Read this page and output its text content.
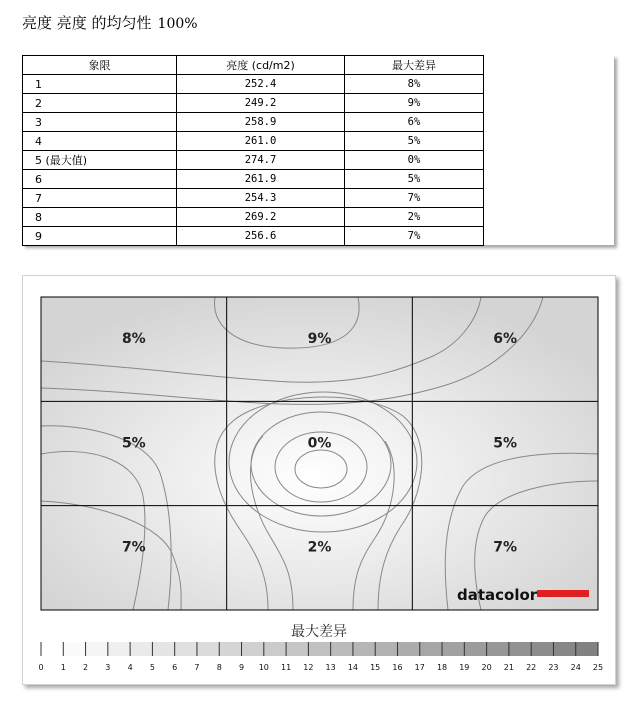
亮度 亮度 的均匀性 100%
象限	亮度 (cd/m2)	最大差异
1	252.4	8%
2	249.2	9%
3	258.9	6%
4	261.0	5%
5 (最大值)	274.7	0%
6	261.9	5%
7	254.3	7%
8	269.2	2%
9	256.6	7%
8%	9%	6%
5%	0%	5%
7%	2%	7%
datacolor
最大差异
0 1 2 3 4 5 6 7 8 9 10 11 12 13 14 15 16 17 18 19 20 21 22 23 24 25
